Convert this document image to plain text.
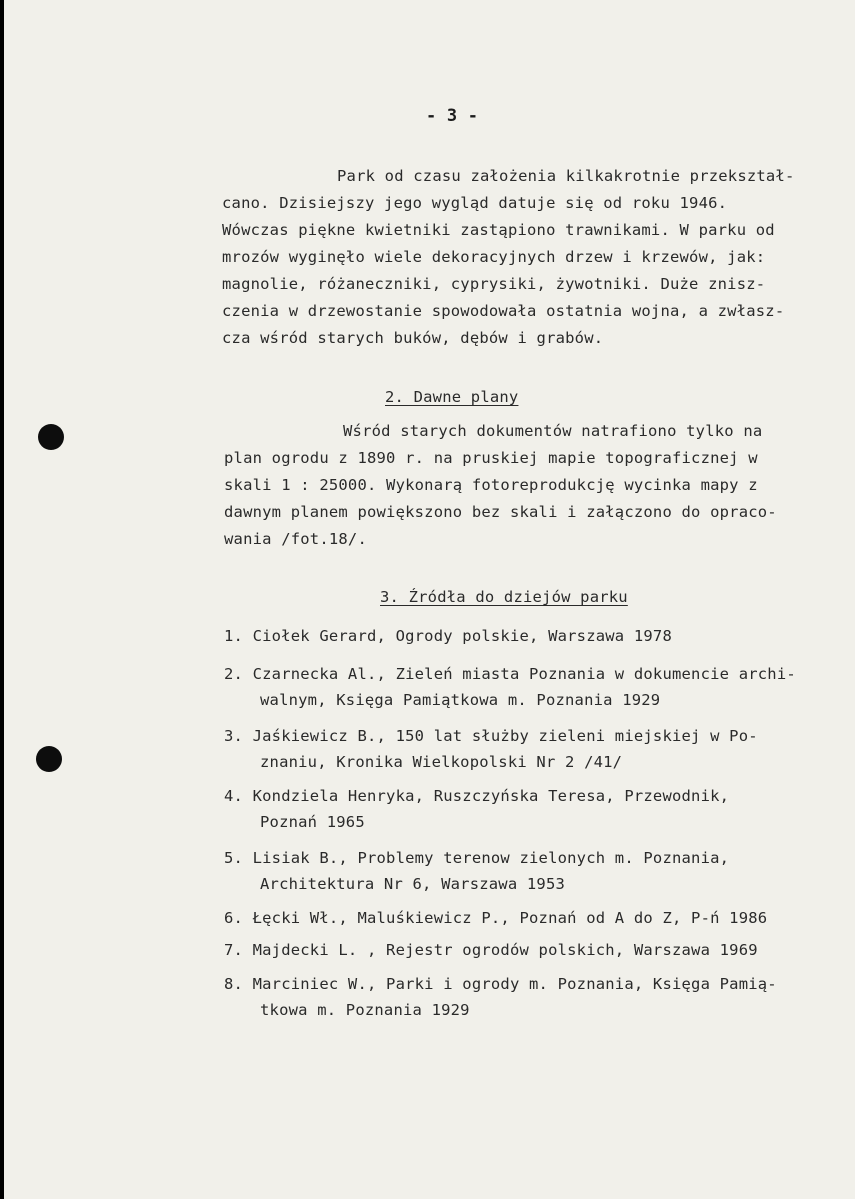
- 3 -
Park od czasu założenia kilkakrotnie przekształ-
cano. Dzisiejszy jego wygląd datuje się od roku 1946.
Wówczas piękne kwietniki zastąpiono trawnikami. W parku od
mrozów wyginęło wiele dekoracyjnych drzew i krzewów, jak:
magnolie, różaneczniki, cyprysiki, żywotniki. Duże znisz-
czenia w drzewostanie spowodowała ostatnia wojna, a zwłasz-
cza wśród starych buków, dębów i grabów.
2. Dawne plany
Wśród starych dokumentów natrafiono tylko na
plan ogrodu z 1890 r. na pruskiej mapie topograficznej w
skali 1 : 25000. Wykonarą fotoreprodukcję wycinka mapy z
dawnym planem powiększono bez skali i załączono do opraco-
wania /fot.18/.
3. Źródła do dziejów parku
1. Ciołek Gerard, Ogrody polskie, Warszawa 1978
2. Czarnecka Al., Zieleń miasta Poznania w dokumencie archi-
walnym, Księga Pamiątkowa m. Poznania 1929
3. Jaśkiewicz B., 150 lat służby zieleni miejskiej w Po-
znaniu, Kronika Wielkopolski Nr 2 /41/
4. Kondziela Henryka, Ruszczyńska Teresa, Przewodnik,
Poznań 1965
5. Lisiak B., Problemy terenow zielonych m. Poznania,
Architektura Nr 6, Warszawa 1953
6. Łęcki Wł., Maluśkiewicz P., Poznań od A do Z, P-ń 1986
7. Majdecki L. , Rejestr ogrodów polskich, Warszawa 1969
8. Marciniec W., Parki i ogrody m. Poznania, Księga Pamią-
tkowa m. Poznania 1929
